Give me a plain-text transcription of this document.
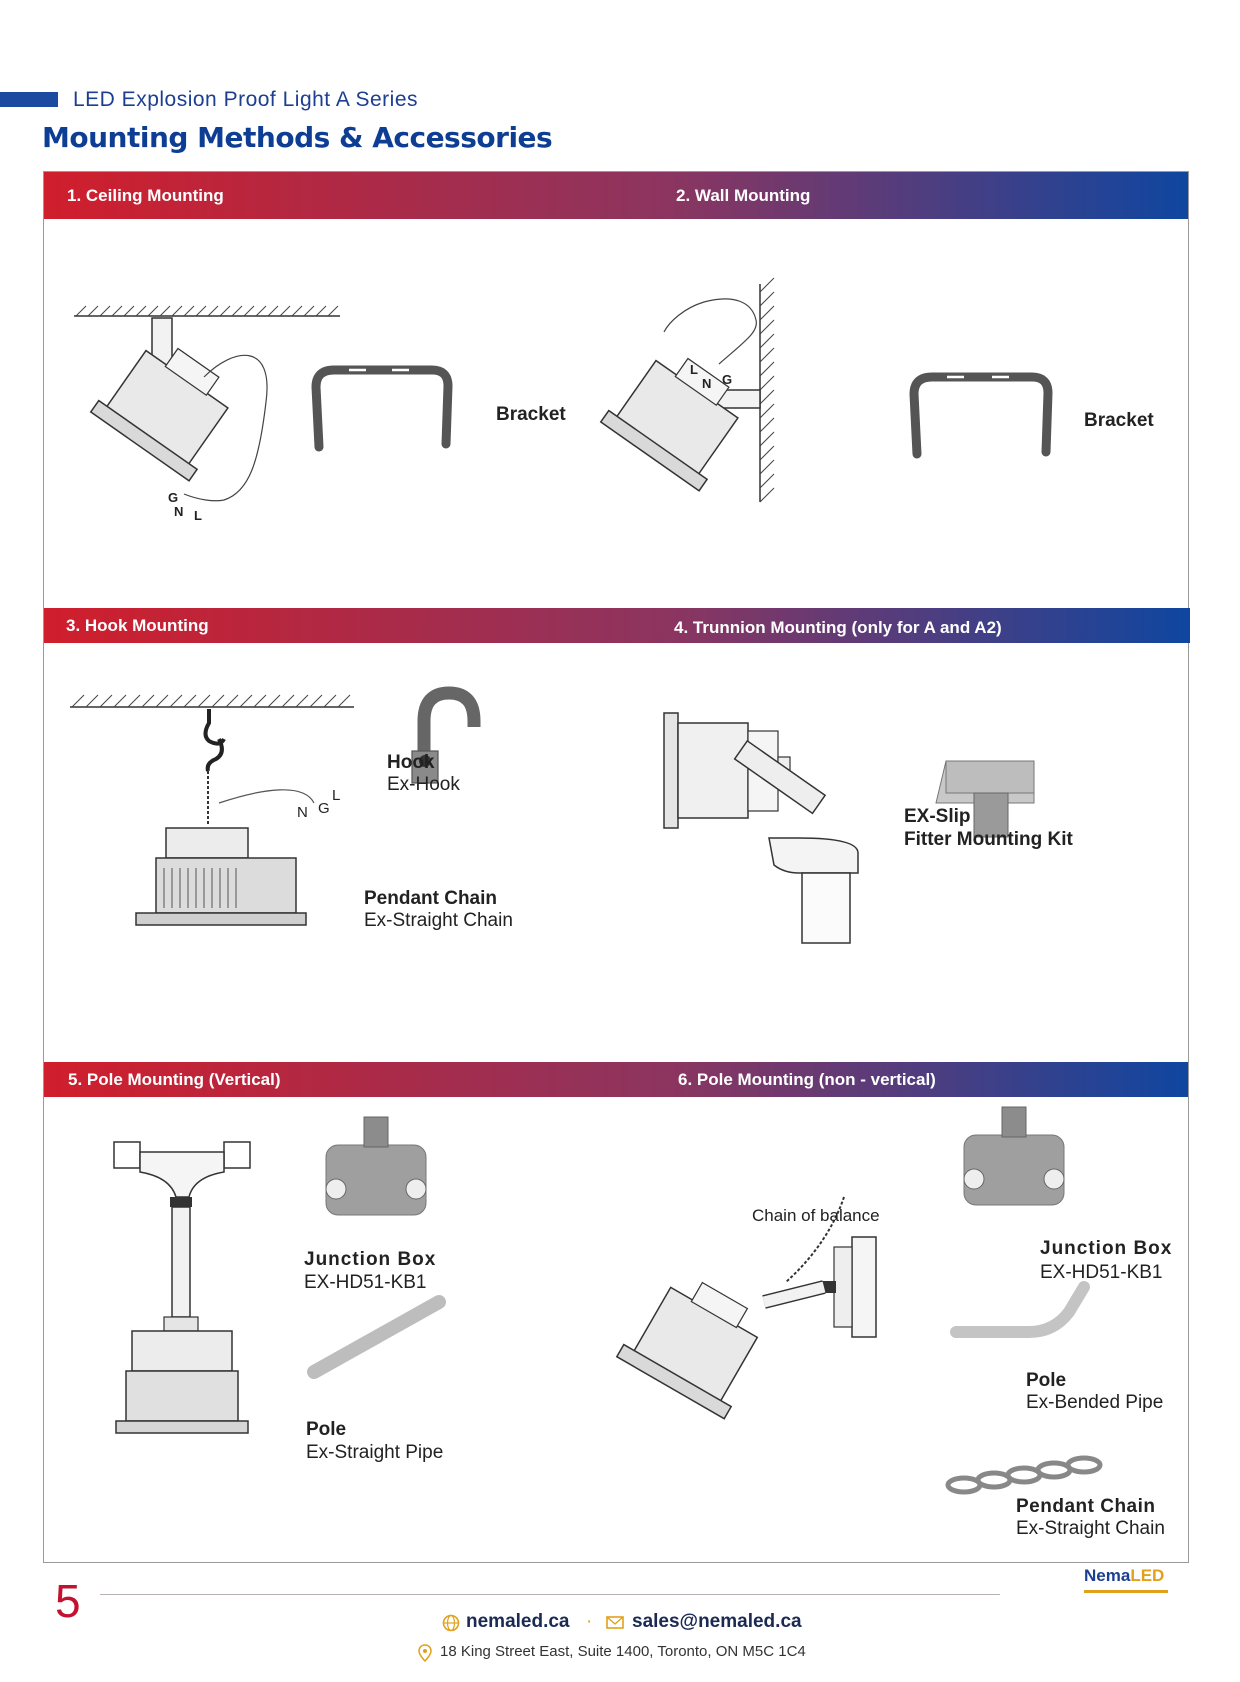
LED Explosion Proof Light A Series
Mounting Methods & Accessories
1. Ceiling Mounting	2. Wall Mounting
3. Hook Mounting	4. Trunnion Mounting (only for A and A2)
5. Pole Mounting (Vertical)	6. Pole Mounting (non - vertical)
Bracket
G
N L
Bracket
L
N G
Hook
Ex-Hook
Pendant Chain
Ex-Straight Chain
L
N G	EX-Slip
Fitter Mounting Kit
Junction Box
EX-HD51-KB1
Pole
Ex-Straight Pipe
Chain of balance
Junction Box
EX-HD51-KB1
Pole
Ex-Bended Pipe
Pendant Chain
Ex-Straight Chain
5	NemaLED
nemaled.ca · sales@nemaled.ca
18 King Street East, Suite 1400, Toronto, ON M5C 1C4
